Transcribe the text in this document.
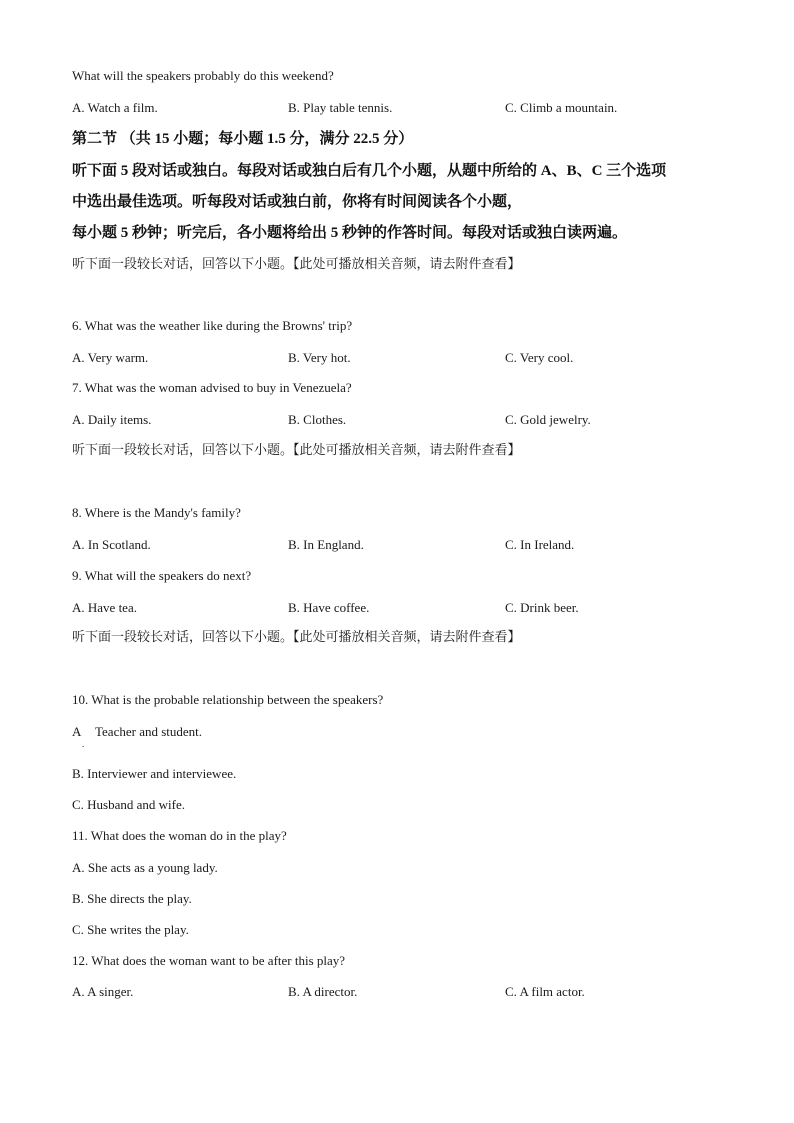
What will the speakers probably do this weekend?
A. Watch a film.	B. Play table tennis.	C. Climb a mountain.
第二节 （共 15 小题；每小题 1.5 分，满分 22.5 分）
听下面 5 段对话或独白。每段对话或独白后有几个小题，从题中所给的 A、B、C 三个选项
中选出最佳选项。听每段对话或独白前，你将有时间阅读各个小题，
每小题 5 秒钟；听完后，各小题将给出 5 秒钟的作答时间。每段对话或独白读两遍。
听下面一段较长对话，回答以下小题。【此处可播放相关音频，请去附件查看】
6. What was the weather like during the Browns' trip?
A. Very warm.	B. Very hot.	C. Very cool.
7. What was the woman advised to buy in Venezuela?
A. Daily items.	B. Clothes.	C. Gold jewelry.
听下面一段较长对话，回答以下小题。【此处可播放相关音频，请去附件查看】
8. Where is the Mandy's family?
A. In Scotland.	B. In England.	C. In Ireland.
9. What will the speakers do next?
A. Have tea.	B. Have coffee.	C. Drink beer.
听下面一段较长对话，回答以下小题。【此处可播放相关音频，请去附件查看】
10. What is the probable relationship between the speakers?
A Teacher and student.
.
B. Interviewer and interviewee.
C. Husband and wife.
11. What does the woman do in the play?
A. She acts as a young lady.
B. She directs the play.
C. She writes the play.
12. What does the woman want to be after this play?
A. A singer.	B. A director.	C. A film actor.
